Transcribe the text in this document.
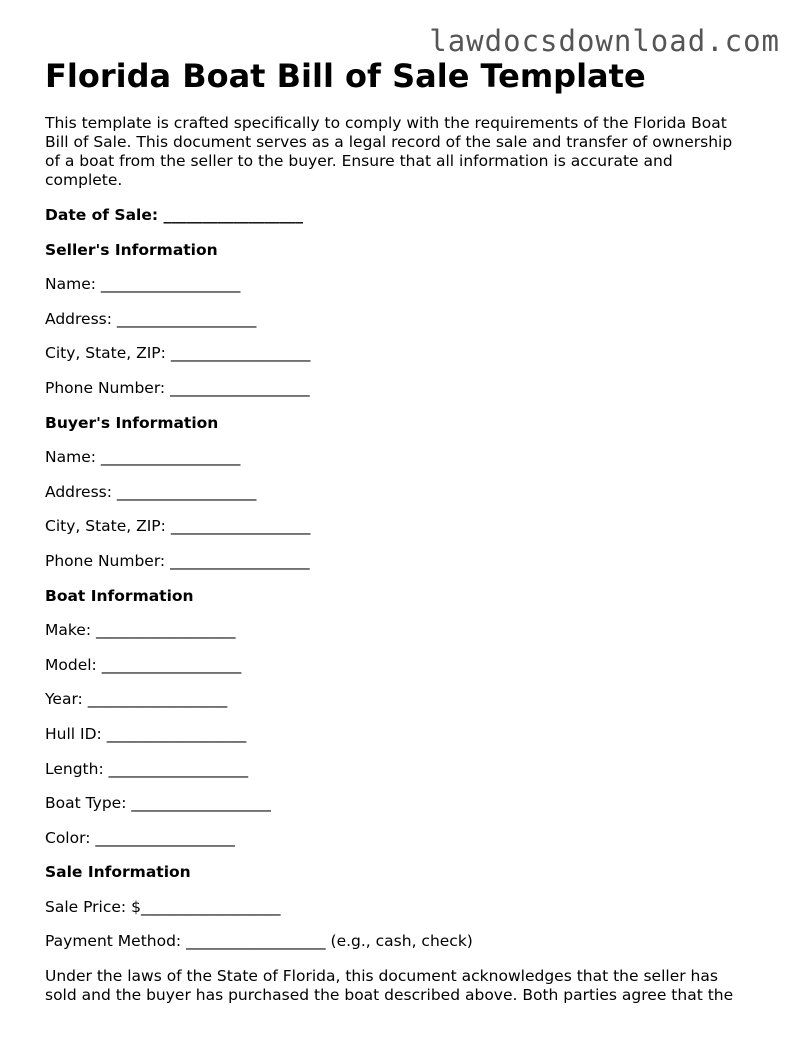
lawdocsdownload.com
Florida Boat Bill of Sale Template

This template is crafted specifically to comply with the requirements of the Florida Boat Bill of Sale. This document serves as a legal record of the sale and transfer of ownership of a boat from the seller to the buyer. Ensure that all information is accurate and complete.

Date of Sale: __________________

Seller's Information

Name: __________________

Address: __________________

City, State, ZIP: __________________

Phone Number: __________________

Buyer's Information

Name: __________________

Address: __________________

City, State, ZIP: __________________

Phone Number: __________________

Boat Information

Make: __________________

Model: __________________

Year: __________________

Hull ID: __________________

Length: __________________

Boat Type: __________________

Color: __________________

Sale Information

Sale Price: $__________________

Payment Method: __________________ (e.g., cash, check)

Under the laws of the State of Florida, this document acknowledges that the seller has sold and the buyer has purchased the boat described above. Both parties agree that the
